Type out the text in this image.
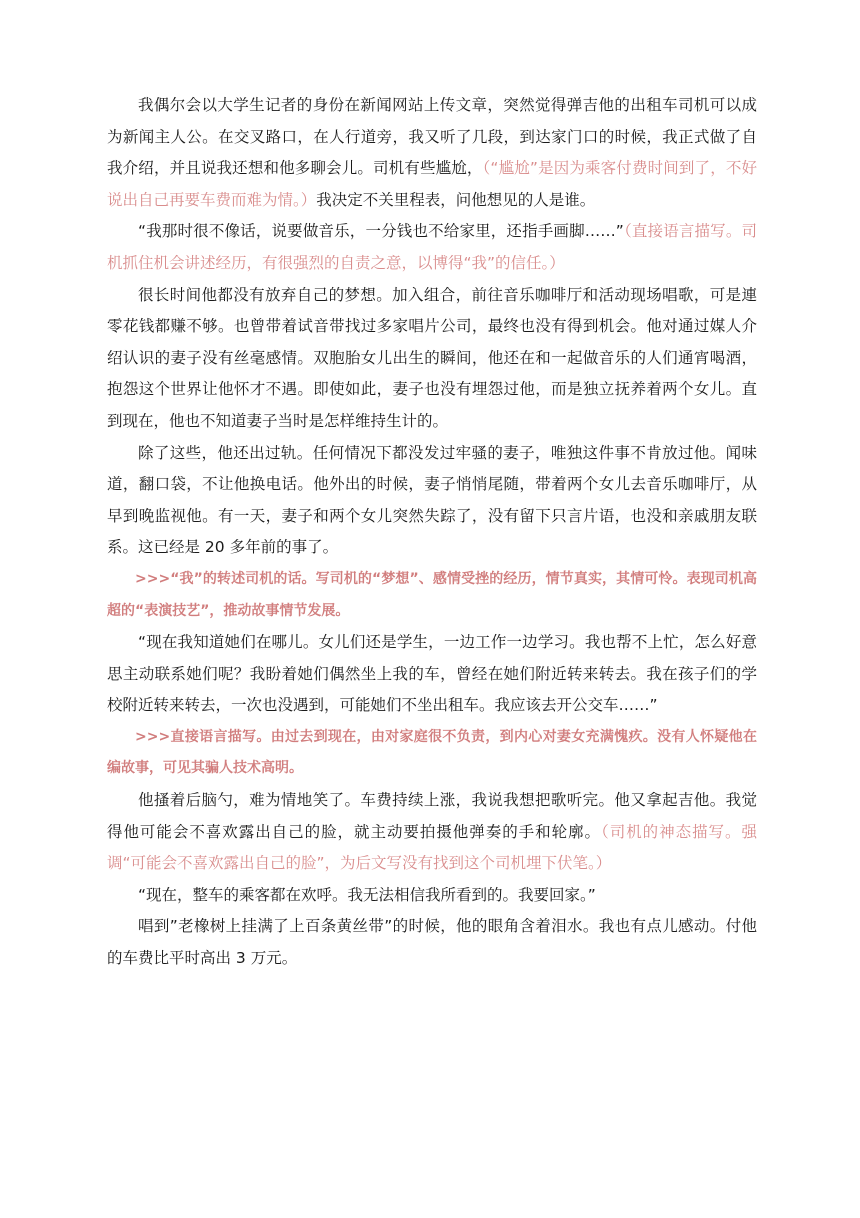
我偶尔会以大学生记者的身份在新闻网站上传文章，突然觉得弹吉他的出租车司机可以成为新闻主人公。在交叉路口，在人行道旁，我又听了几段，到达家门口的时候，我正式做了自我介绍，并且说我还想和他多聊会儿。司机有些尴尬，（“尴尬”是因为乘客付费时间到了，不好说出自己再要车费而难为情。）我决定不关里程表，问他想见的人是谁。

“我那时很不像话，说要做音乐，一分钱也不给家里，还指手画脚……”（直接语言描写。司机抓住机会讲述经历，有很强烈的自责之意，以博得“我”的信任。）

很长时间他都没有放弃自己的梦想。加入组合，前往音乐咖啡厅和活动现场唱歌，可是連零花钱都赚不够。也曾带着试音带找过多家唱片公司，最终也没有得到机会。他对通过媒人介绍认识的妻子没有丝毫感情。双胞胎女儿出生的瞬间，他还在和一起做音乐的人们通宵喝酒，抱怨这个世界让他怀才不遇。即使如此，妻子也没有埋怨过他，而是独立抚养着两个女儿。直到现在，他也不知道妻子当时是怎样维持生计的。

除了这些，他还出过轨。任何情况下都没发过牢骚的妻子，唯独这件事不肯放过他。闻味道，翻口袋，不让他换电话。他外出的时候，妻子悄悄尾随，带着两个女儿去音乐咖啡厅，从早到晚监视他。有一天，妻子和两个女儿突然失踪了，没有留下只言片语，也没和亲戚朋友联系。这已经是 20 多年前的事了。

>>>“我”的转述司机的话。写司机的“梦想”、感情受挫的经历，情节真实，其情可怜。表现司机高超的“表演技艺”，推动故事情节发展。

“现在我知道她们在哪儿。女儿们还是学生，一边工作一边学习。我也帮不上忙，怎么好意思主动联系她们呢？我盼着她们偶然坐上我的车，曾经在她们附近转来转去。我在孩子们的学校附近转来转去，一次也没遇到，可能她们不坐出租车。我应该去开公交车……”

>>>直接语言描写。由过去到现在，由对家庭很不负责，到内心对妻女充满愧疚。没有人怀疑他在编故事，可见其骗人技术高明。

他搔着后脑勺，难为情地笑了。车费持续上涨，我说我想把歌听完。他又拿起吉他。我觉得他可能会不喜欢露出自己的脸，就主动要拍摄他弹奏的手和轮廓。（司机的神态描写。强调“可能会不喜欢露出自己的脸”，为后文写没有找到这个司机埋下伏笔。）

“现在，整车的乘客都在欢呼。我无法相信我所看到的。我要回家。”

唱到”老橡树上挂满了上百条黄丝带”的时候，他的眼角含着泪水。我也有点儿感动。付他的车费比平时高出 3 万元。
